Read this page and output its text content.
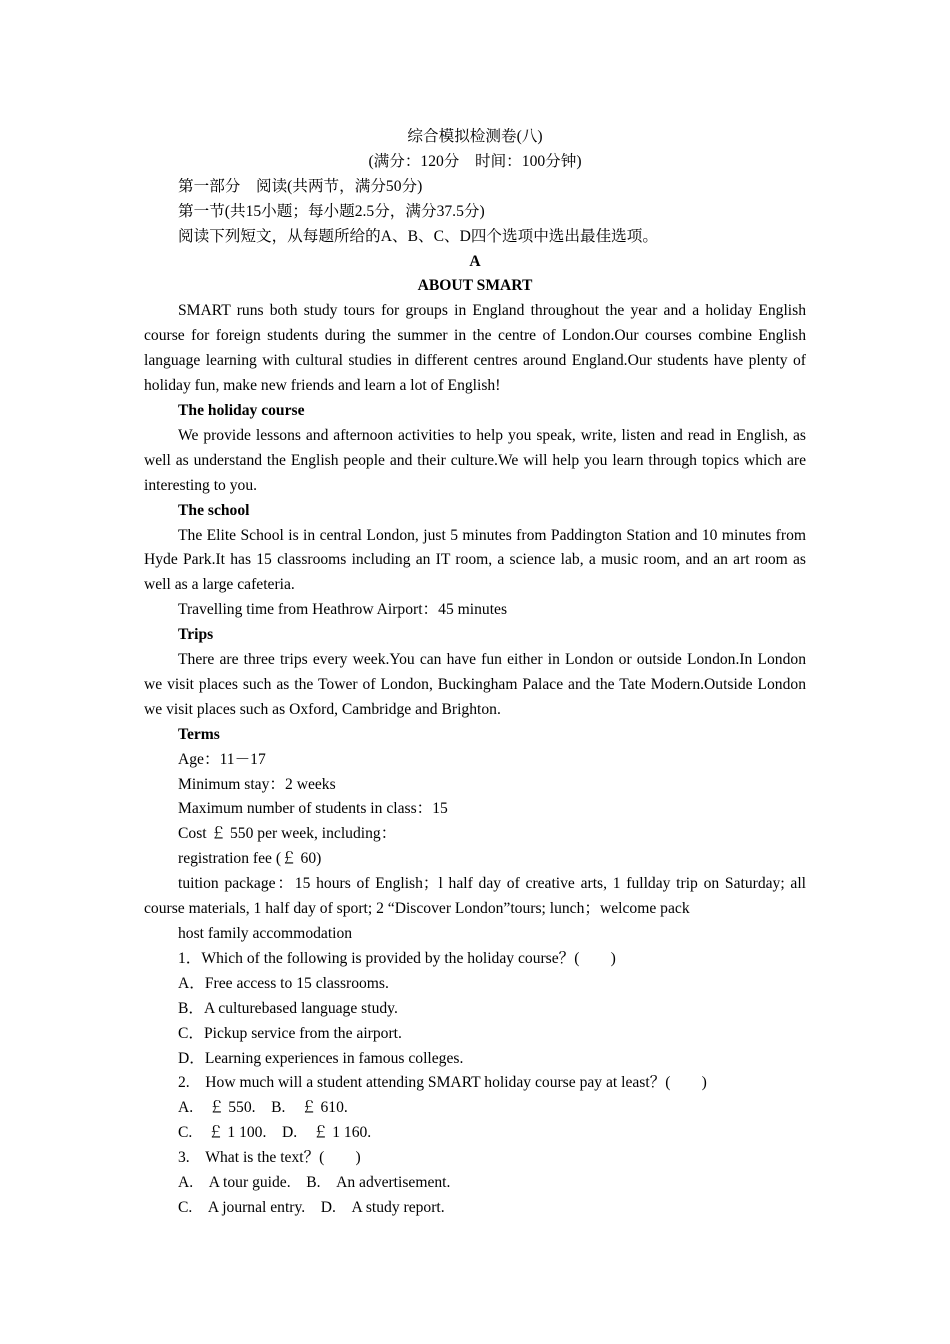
综合模拟检测卷(八)

(满分：120分　时间：100分钟)

第一部分　阅读(共两节，满分50分)

第一节(共15小题；每小题2.5分，满分37.5分)

阅读下列短文，从每题所给的A、B、C、D四个选项中选出最佳选项。

A

ABOUT SMART

SMART runs both study tours for groups in England throughout the year and a holiday English course for foreign students during the summer in the centre of London.Our courses combine English language learning with cultural studies in different centres around England.Our students have plenty of holiday fun, make new friends and learn a lot of English!

The holiday course

We provide lessons and afternoon activities to help you speak, write, listen and read in English, as well as understand the English people and their culture.We will help you learn through topics which are interesting to you.

The school

The Elite School is in central London, just 5 minutes from Paddington Station and 10 minutes from Hyde Park.It has 15 classrooms including an IT room, a science lab, a music room, and an art room as well as a large cafeteria.

Travelling time from Heathrow Airport：45 minutes

Trips

There are three trips every week.You can have fun either in London or outside London.In London we visit places such as the Tower of London, Buckingham Palace and the Tate Modern.Outside London we visit places such as Oxford, Cambridge and Brighton.

Terms

Age：11－17

Minimum stay：2 weeks

Maximum number of students in class：15

Cost ￡ 550 per week, including：

registration fee (￡ 60)

tuition package：15 hours of English；l half day of creative arts, 1 fullday trip on Saturday; all course materials, 1 half day of sport; 2 “Discover London”tours; lunch；welcome pack

host family accommodation

1．Which of the following is provided by the holiday course？(　　)

A．Free access to 15 classrooms.

B．A culturebased language study.

C．Pickup service from the airport.

D．Learning experiences in famous colleges.

2.　How much will a student attending SMART holiday course pay at least？(　　)

A.　￡ 550.　B.　￡ 610.

C.　￡ 1 100.　D.　￡ 1 160.

3.　What is the text？(　　)

A.　A tour guide.　B.　An advertisement.

C.　A journal entry.　D.　A study report.
